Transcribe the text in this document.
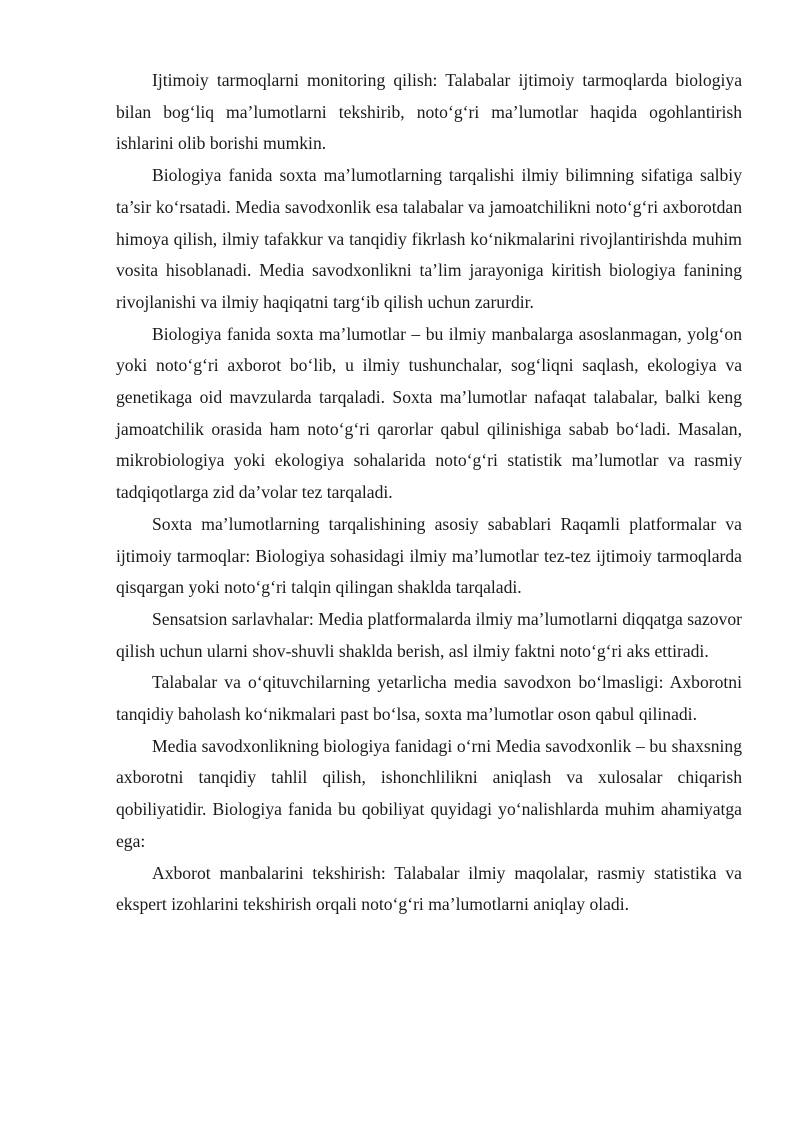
Ijtimoiy tarmoqlarni monitoring qilish: Talabalar ijtimoiy tarmoqlarda biologiya bilan bog‘liq ma’lumotlarni tekshirib, noto‘g‘ri ma’lumotlar haqida ogohlantirish ishlarini olib borishi mumkin.

Biologiya fanida soxta ma’lumotlarning tarqalishi ilmiy bilimning sifatiga salbiy ta’sir ko‘rsatadi. Media savodxonlik esa talabalar va jamoatchilikni noto‘g‘ri axborotdan himoya qilish, ilmiy tafakkur va tanqidiy fikrlash ko‘nikmalarini rivojlantirishda muhim vosita hisoblanadi. Media savodxonlikni ta’lim jarayoniga kiritish biologiya fanining rivojlanishi va ilmiy haqiqatni targ‘ib qilish uchun zarurdir.

Biologiya fanida soxta ma’lumotlar – bu ilmiy manbalarga asoslanmagan, yolg‘on yoki noto‘g‘ri axborot bo‘lib, u ilmiy tushunchalar, sog‘liqni saqlash, ekologiya va genetikaga oid mavzularda tarqaladi. Soxta ma’lumotlar nafaqat talabalar, balki keng jamoatchilik orasida ham noto‘g‘ri qarorlar qabul qilinishiga sabab bo‘ladi. Masalan, mikrobiologiya yoki ekologiya sohalarida noto‘g‘ri statistik ma’lumotlar va rasmiy tadqiqotlarga zid da’volar tez tarqaladi.

Soxta ma’lumotlarning tarqalishining asosiy sabablari Raqamli platformalar va ijtimoiy tarmoqlar: Biologiya sohasidagi ilmiy ma’lumotlar tez-tez ijtimoiy tarmoqlarda qisqargan yoki noto‘g‘ri talqin qilingan shaklda tarqaladi.

Sensatsion sarlavhalar: Media platformalarda ilmiy ma’lumotlarni diqqatga sazovor qilish uchun ularni shov-shuvli shaklda berish, asl ilmiy faktni noto‘g‘ri aks ettiradi.

Talabalar va o‘qituvchilarning yetarlicha media savodxon bo‘lmasligi: Axborotni tanqidiy baholash ko‘nikmalari past bo‘lsa, soxta ma’lumotlar oson qabul qilinadi.

Media savodxonlikning biologiya fanidagi o‘rni Media savodxonlik – bu shaxsning axborotni tanqidiy tahlil qilish, ishonchlilikni aniqlash va xulosalar chiqarish qobiliyatidir. Biologiya fanida bu qobiliyat quyidagi yo‘nalishlarda muhim ahamiyatga ega:

Axborot manbalarini tekshirish: Talabalar ilmiy maqolalar, rasmiy statistika va ekspert izohlarini tekshirish orqali noto‘g‘ri ma’lumotlarni aniqlay oladi.
